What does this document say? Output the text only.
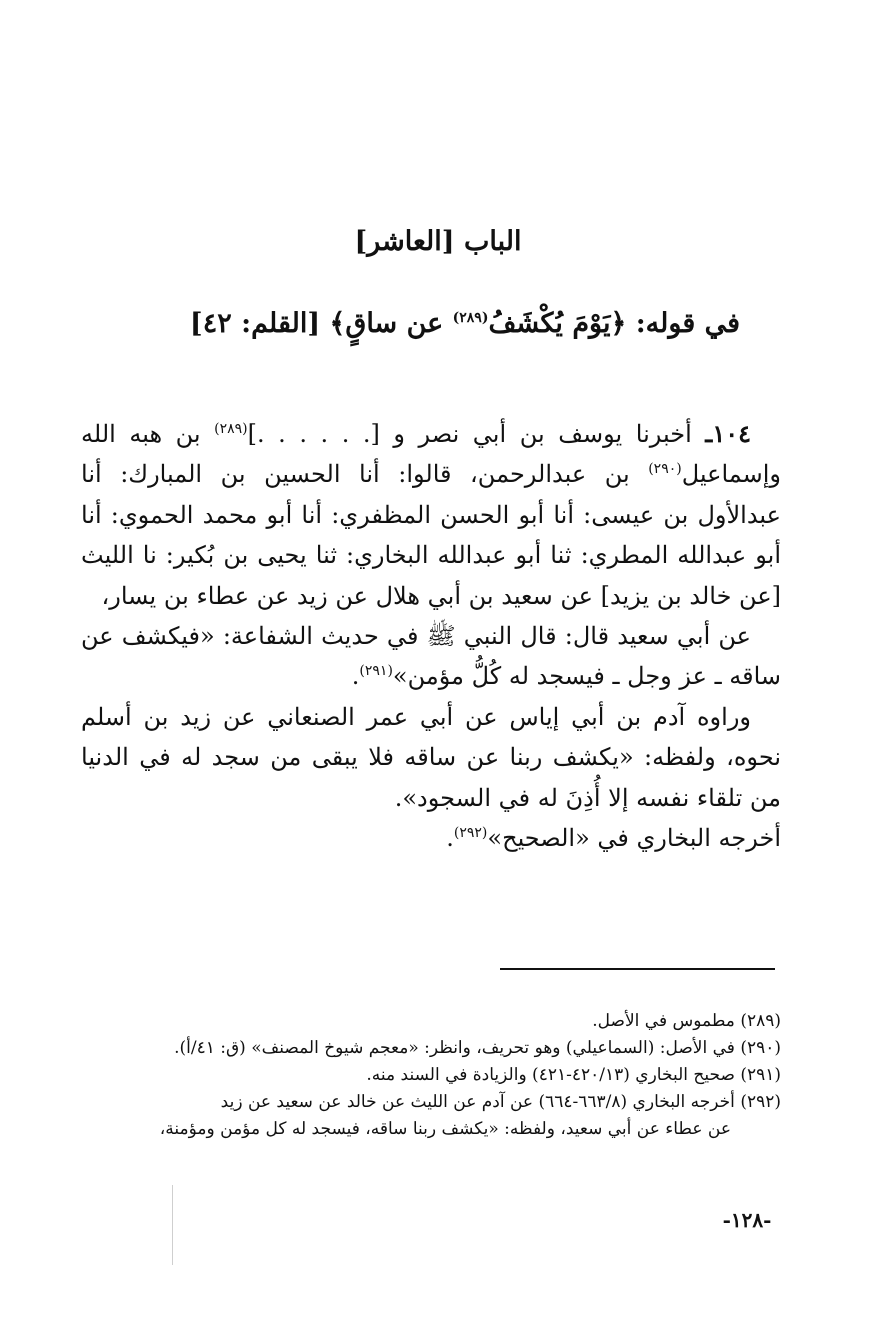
الباب [العاشر]
في قوله: ﴿يَوْمَ يُكْشَفُ$^{(٢٨٩)}$ عن ساقٍ﴾ [القلم: ٤٢]

١٠٤ـ أخبرنا يوسف بن أبي نصر و [. . . . . .]$^{(٢٨٩)}$ بن هبه الله وإسماعيل$^{(٢٩٠)}$ بن عبدالرحمن، قالوا: أنا الحسين بن المبارك: أنا عبدالأول بن عيسى: أنا أبو الحسن المظفري: أنا أبو محمد الحموي: أنا أبو عبدالله المطري: ثنا أبو عبدالله البخاري: ثنا يحيى بن بُكير: نا الليث [عن خالد بن يزيد] عن سعيد بن أبي هلال عن زيد عن عطاء بن يسار،

عن أبي سعيد قال: قال النبي ﷺ في حديث الشفاعة: «فيكشف عن ساقه ـ عز وجل ـ فيسجد له كُلُّ مؤمن»$^{(٢٩١)}$.

وراوه آدم بن أبي إياس عن أبي عمر الصنعاني عن زيد بن أسلم نحوه، ولفظه: «يكشف ربنا عن ساقه فلا يبقى من سجد له في الدنيا من تلقاء نفسه إلا أُذِنَ له في السجود».

أخرجه البخاري في «الصحيح»$^{(٢٩٢)}$.

(٢٨٩) مطموس في الأصل.

(٢٩٠) في الأصل: (السماعيلي) وهو تحريف، وانظر: «معجم شيوخ المصنف» (ق: ٤١/أ).

(٢٩١) صحيح البخاري (٤٢٠/١٣-٤٢١) والزيادة في السند منه.

(٢٩٢) أخرجه البخاري (٦٦٣/٨-٦٦٤) عن آدم عن الليث عن خالد عن سعيد عن زيد

عن عطاء عن أبي سعيد، ولفظه: «يكشف ربنا ساقه، فيسجد له كل مؤمن ومؤمنة،

-١٢٨-
